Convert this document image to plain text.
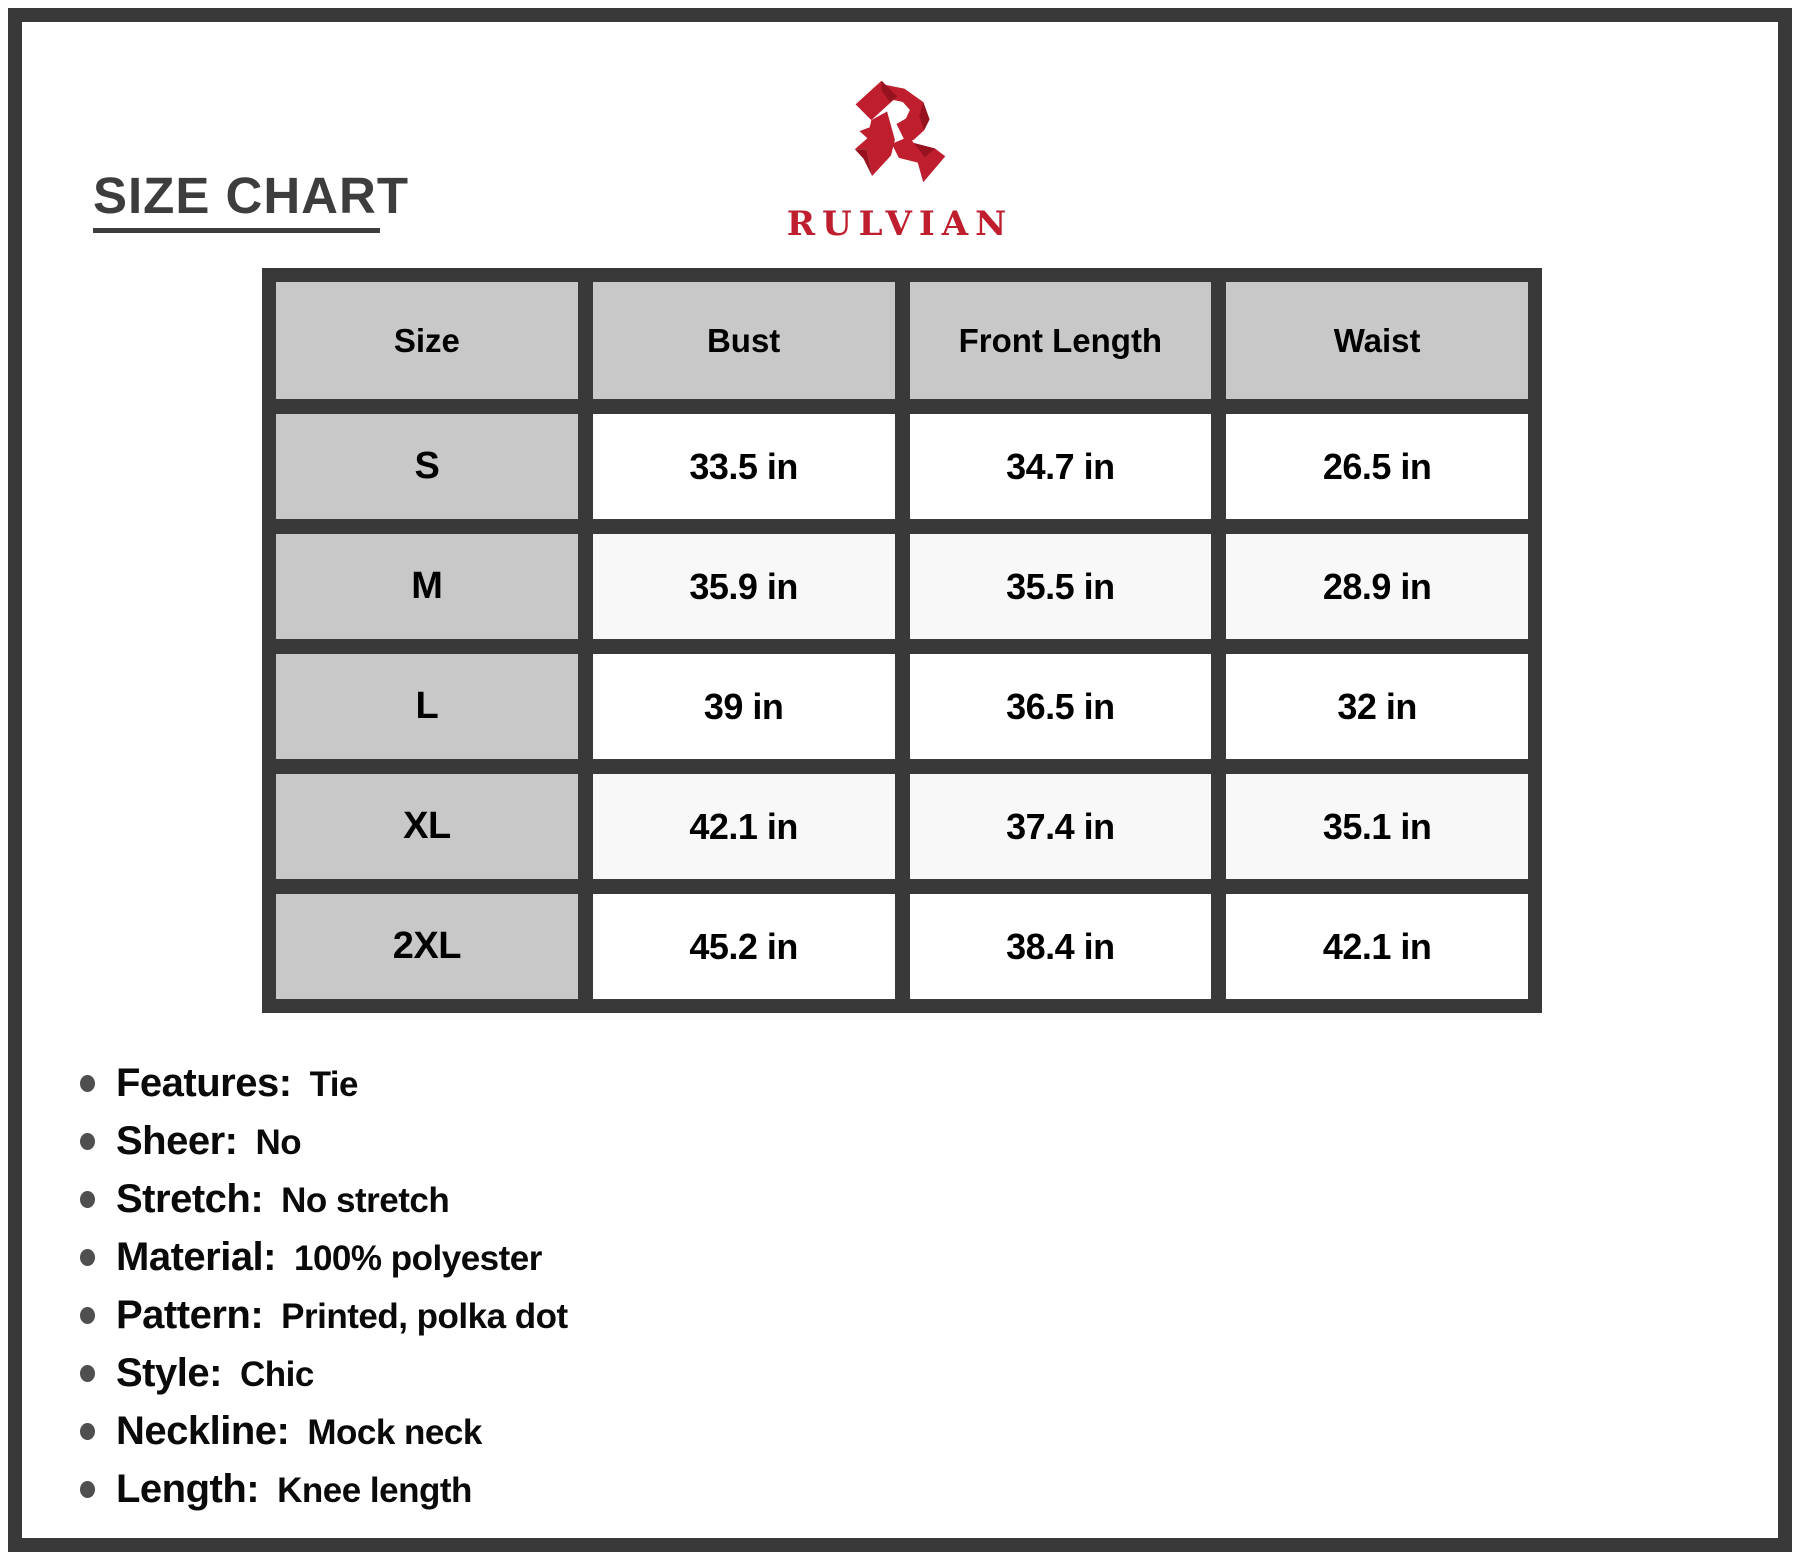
SIZE CHART	RULVIAN
Size	Bust	Front Length	Waist
S	33.5 in	34.7 in	26.5 in
M	35.9 in	35.5 in	28.9 in
L	39 in	36.5 in	32 in
XL	42.1 in	37.4 in	35.1 in
2XL	45.2 in	38.4 in	42.1 in
Features: Tie
Sheer: No
Stretch: No stretch
Material: 100% polyester
Pattern: Printed, polka dot
Style: Chic
Neckline: Mock neck
Length: Knee length
